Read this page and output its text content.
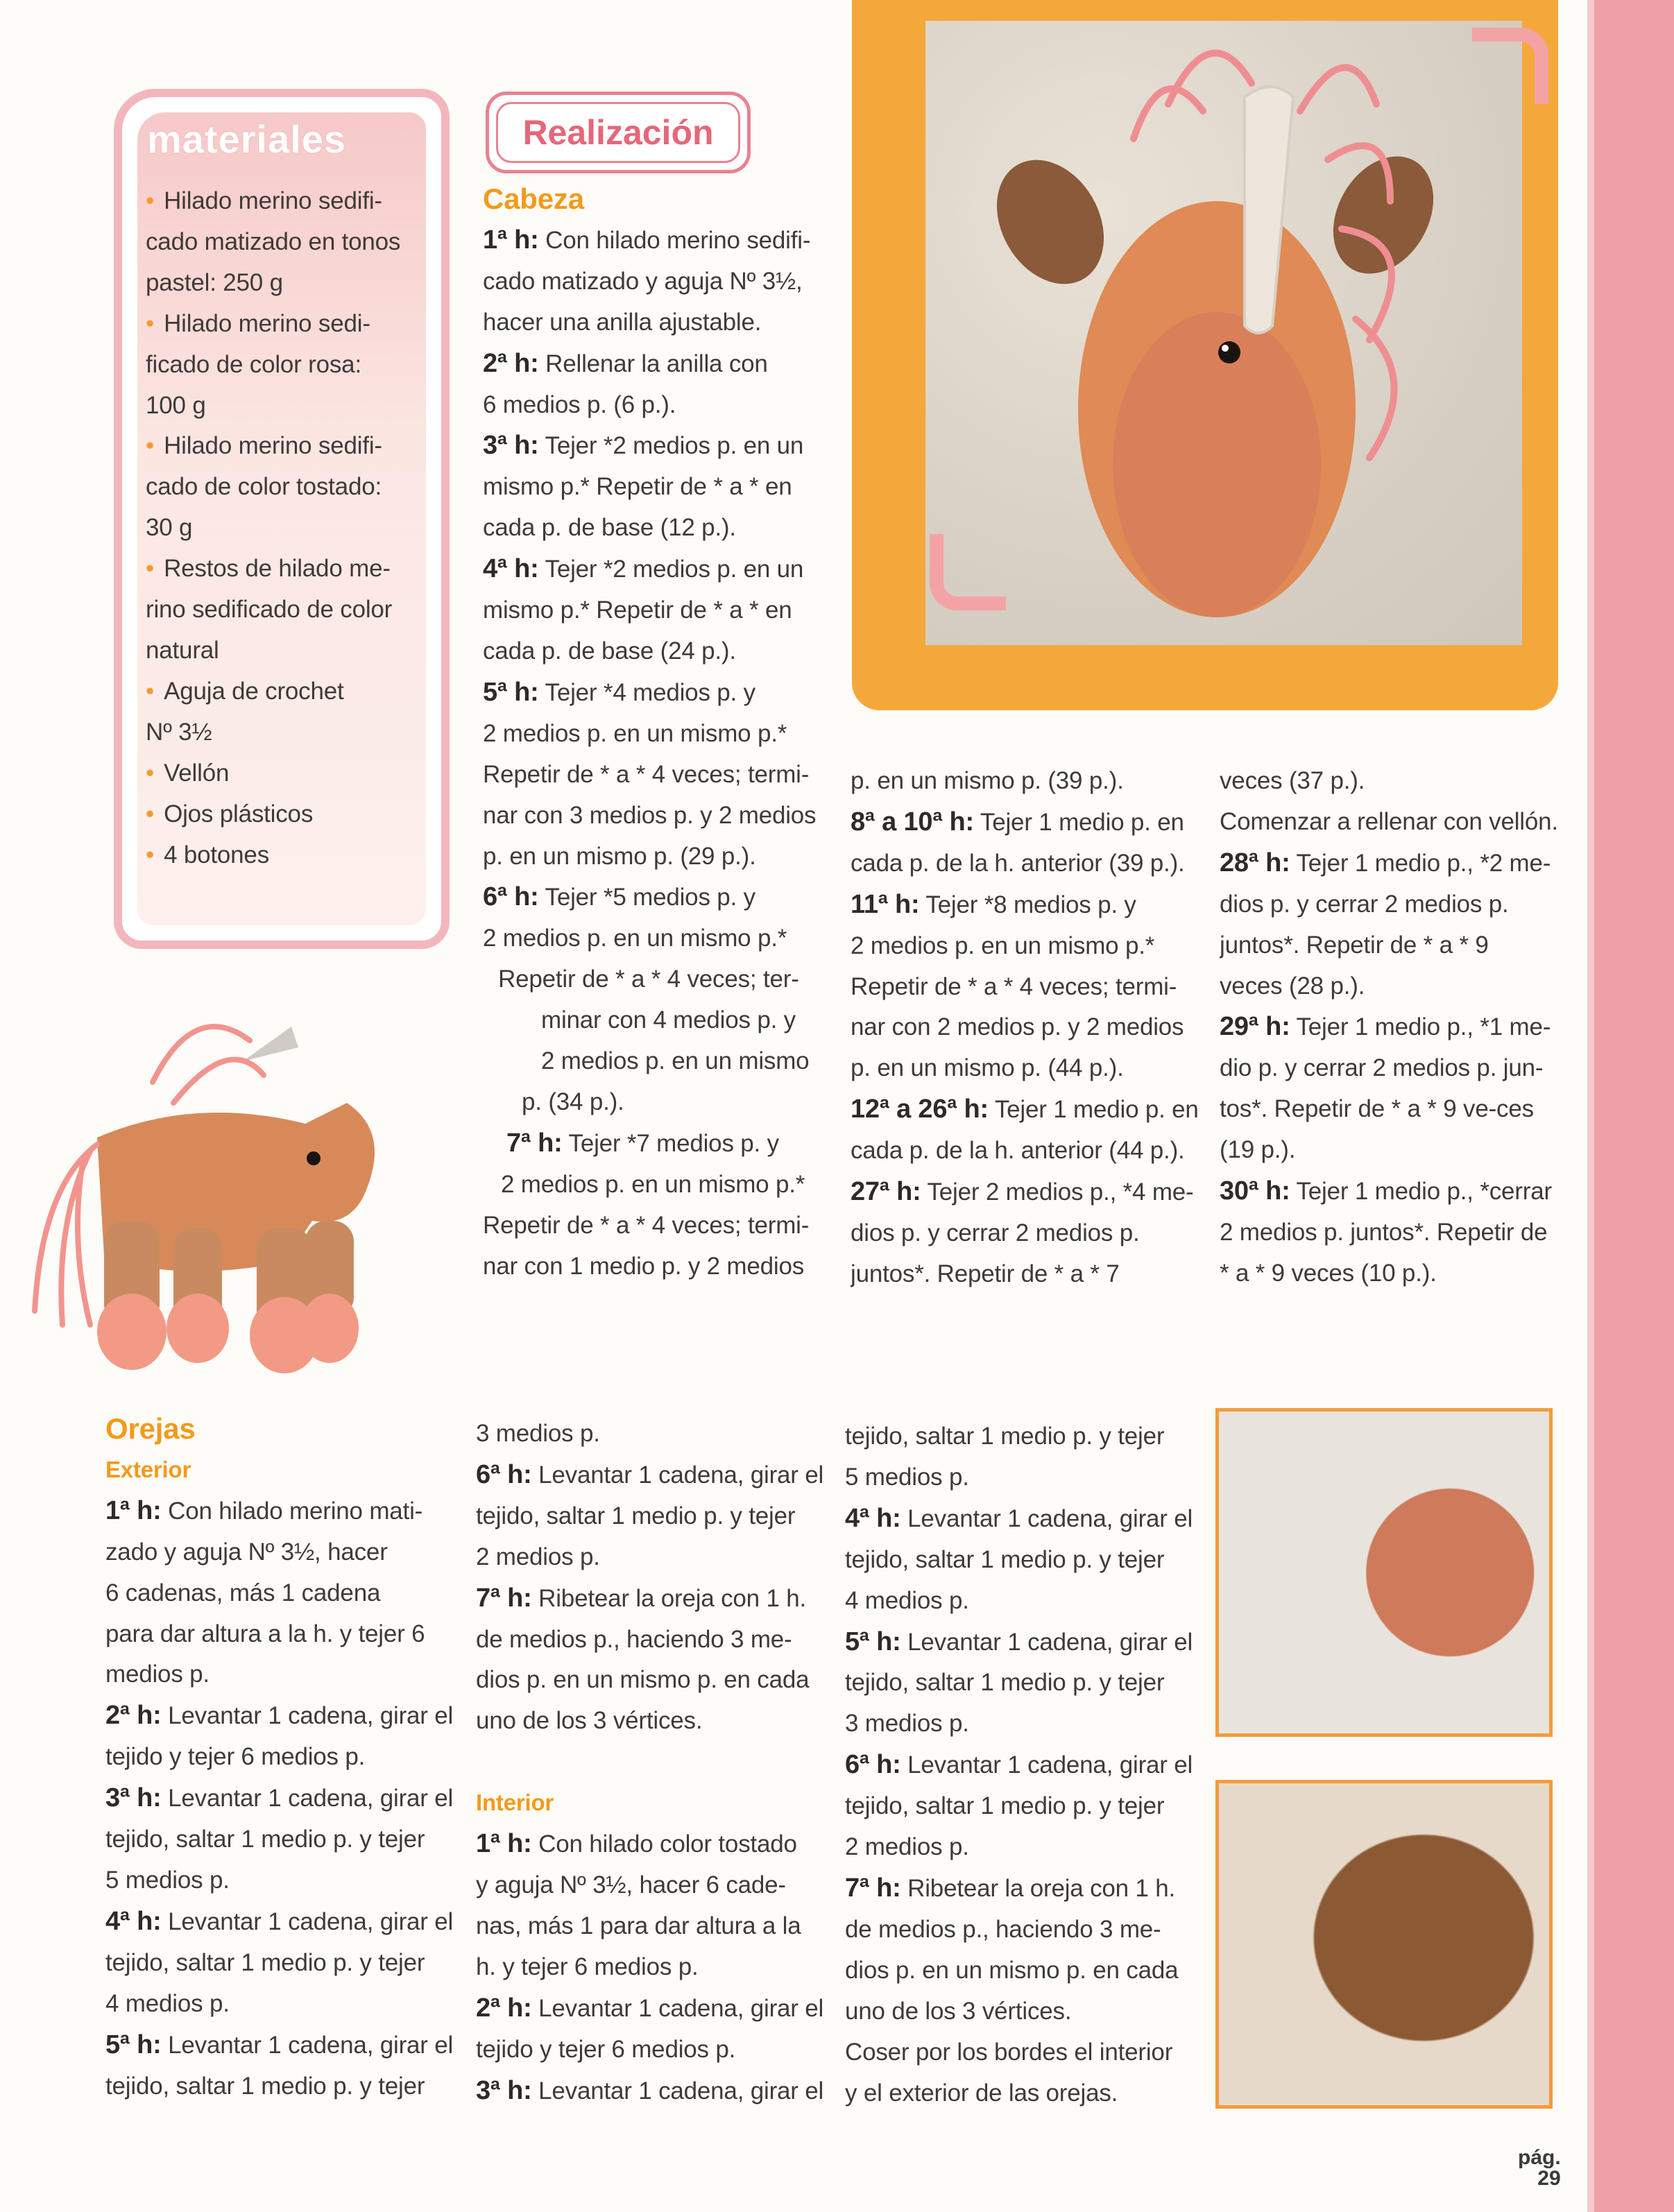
materiales
• Hilado merino sedifi-
cado matizado en tonos
pastel: 250 g
• Hilado merino sedi-
ficado de color rosa:
100 g
• Hilado merino sedifi-
cado de color tostado:
30 g
• Restos de hilado me-
rino sedificado de color
natural
• Aguja de crochet
Nº 3½
• Vellón
• Ojos plásticos
• 4 botones
Realización
Cabeza
1ª h: Con hilado merino sedifi-
cado matizado y aguja Nº 3½,
hacer una anilla ajustable.
2ª h: Rellenar la anilla con
6 medios p. (6 p.).
3ª h: Tejer *2 medios p. en un
mismo p.* Repetir de * a * en
cada p. de base (12 p.).
4ª h: Tejer *2 medios p. en un
mismo p.* Repetir de * a * en
cada p. de base (24 p.).
5ª h: Tejer *4 medios p. y
2 medios p. en un mismo p.*
Repetir de * a * 4 veces; termi-
nar con 3 medios p. y 2 medios
p. en un mismo p. (29 p.).
6ª h: Tejer *5 medios p. y
2 medios p. en un mismo p.*
Repetir de * a * 4 veces; ter-
minar con 4 medios p. y
2 medios p. en un mismo
p. (34 p.).
7ª h: Tejer *7 medios p. y
2 medios p. en un mismo p.*
Repetir de * a * 4 veces; termi-
nar con 1 medio p. y 2 medios
p. en un mismo p. (39 p.).
8ª a 10ª h: Tejer 1 medio p. en
cada p. de la h. anterior (39 p.).
11ª h: Tejer *8 medios p. y
2 medios p. en un mismo p.*
Repetir de * a * 4 veces; termi-
nar con 2 medios p. y 2 medios
p. en un mismo p. (44 p.).
12ª a 26ª h: Tejer 1 medio p. en
cada p. de la h. anterior (44 p.).
27ª h: Tejer 2 medios p., *4 me-
dios p. y cerrar 2 medios p.
juntos*. Repetir de * a * 7
veces (37 p.).
Comenzar a rellenar con vellón.
28ª h: Tejer 1 medio p., *2 me-
dios p. y cerrar 2 medios p.
juntos*. Repetir de * a * 9
veces (28 p.).
29ª h: Tejer 1 medio p., *1 me-
dio p. y cerrar 2 medios p. jun-
tos*. Repetir de * a * 9 ve-ces
(19 p.).
30ª h: Tejer 1 medio p., *cerrar
2 medios p. juntos*. Repetir de
* a * 9 veces (10 p.).
Orejas
Exterior
1ª h: Con hilado merino mati-
zado y aguja Nº 3½, hacer
6 cadenas, más 1 cadena
para dar altura a la h. y tejer 6
medios p.
2ª h: Levantar 1 cadena, girar el
tejido y tejer 6 medios p.
3ª h: Levantar 1 cadena, girar el
tejido, saltar 1 medio p. y tejer
5 medios p.
4ª h: Levantar 1 cadena, girar el
tejido, saltar 1 medio p. y tejer
4 medios p.
5ª h: Levantar 1 cadena, girar el
tejido, saltar 1 medio p. y tejer
3 medios p.
6ª h: Levantar 1 cadena, girar el
tejido, saltar 1 medio p. y tejer
2 medios p.
7ª h: Ribetear la oreja con 1 h.
de medios p., haciendo 3 me-
dios p. en un mismo p. en cada
uno de los 3 vértices.

Interior
1ª h: Con hilado color tostado
y aguja Nº 3½, hacer 6 cade-
nas, más 1 para dar altura a la
h. y tejer 6 medios p.
2ª h: Levantar 1 cadena, girar el
tejido y tejer 6 medios p.
3ª h: Levantar 1 cadena, girar el
tejido, saltar 1 medio p. y tejer
5 medios p.
4ª h: Levantar 1 cadena, girar el
tejido, saltar 1 medio p. y tejer
4 medios p.
5ª h: Levantar 1 cadena, girar el
tejido, saltar 1 medio p. y tejer
3 medios p.
6ª h: Levantar 1 cadena, girar el
tejido, saltar 1 medio p. y tejer
2 medios p.
7ª h: Ribetear la oreja con 1 h.
de medios p., haciendo 3 me-
dios p. en un mismo p. en cada
uno de los 3 vértices.
Coser por los bordes el interior
y el exterior de las orejas.
pág.
29
